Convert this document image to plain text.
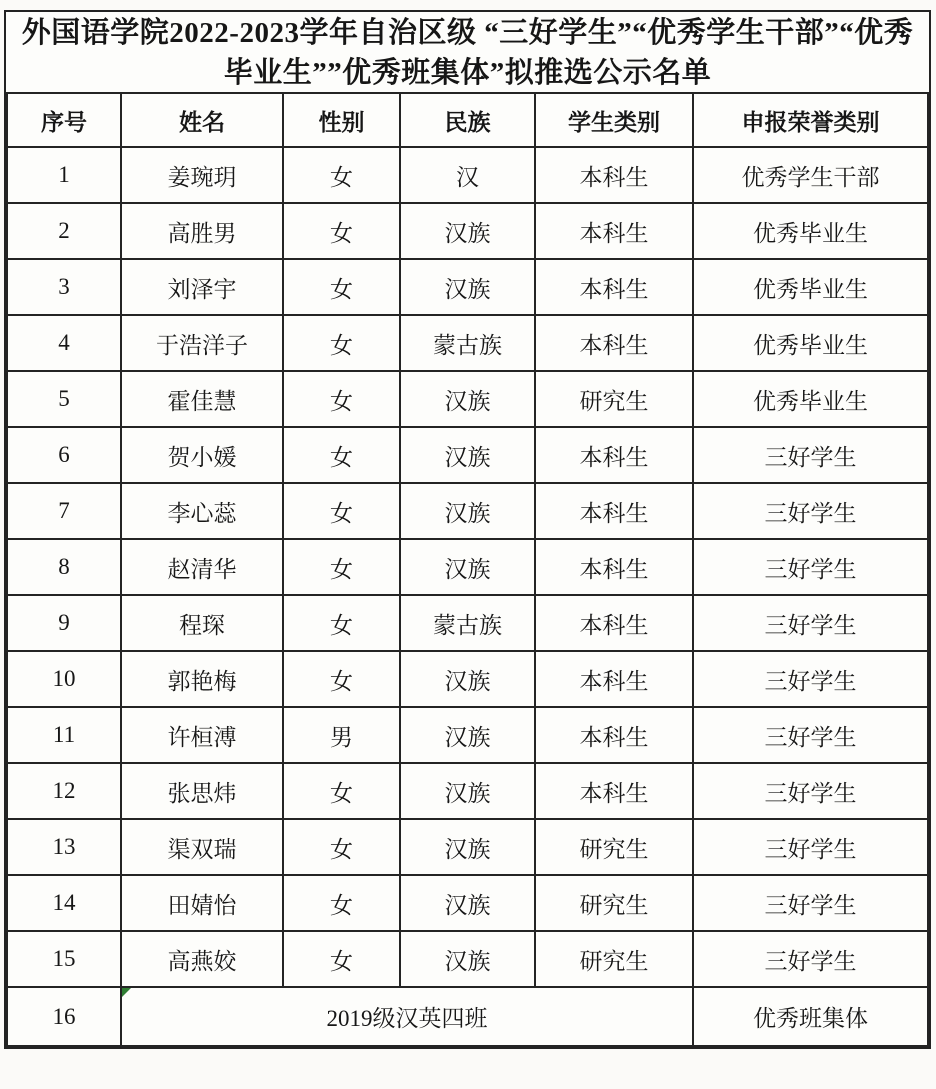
外国语学院2022-2023学年自治区级 “三好学生”“优秀学生干部”“优秀毕业生””优秀班集体”拟推选公示名单
序号	姓名	性别	民族	学生类别	申报荣誉类别
1	姜琬玥	女	汉	本科生	优秀学生干部
2	高胜男	女	汉族	本科生	优秀毕业生
3	刘泽宇	女	汉族	本科生	优秀毕业生
4	于浩洋子	女	蒙古族	本科生	优秀毕业生
5	霍佳慧	女	汉族	研究生	优秀毕业生
6	贺小媛	女	汉族	本科生	三好学生
7	李心蕊	女	汉族	本科生	三好学生
8	赵清华	女	汉族	本科生	三好学生
9	程琛	女	蒙古族	本科生	三好学生
10	郭艳梅	女	汉族	本科生	三好学生
11	许桓溥	男	汉族	本科生	三好学生
12	张思炜	女	汉族	本科生	三好学生
13	渠双瑞	女	汉族	研究生	三好学生
14	田婧怡	女	汉族	研究生	三好学生
15	高燕姣	女	汉族	研究生	三好学生
16	2019级汉英四班				优秀班集体
